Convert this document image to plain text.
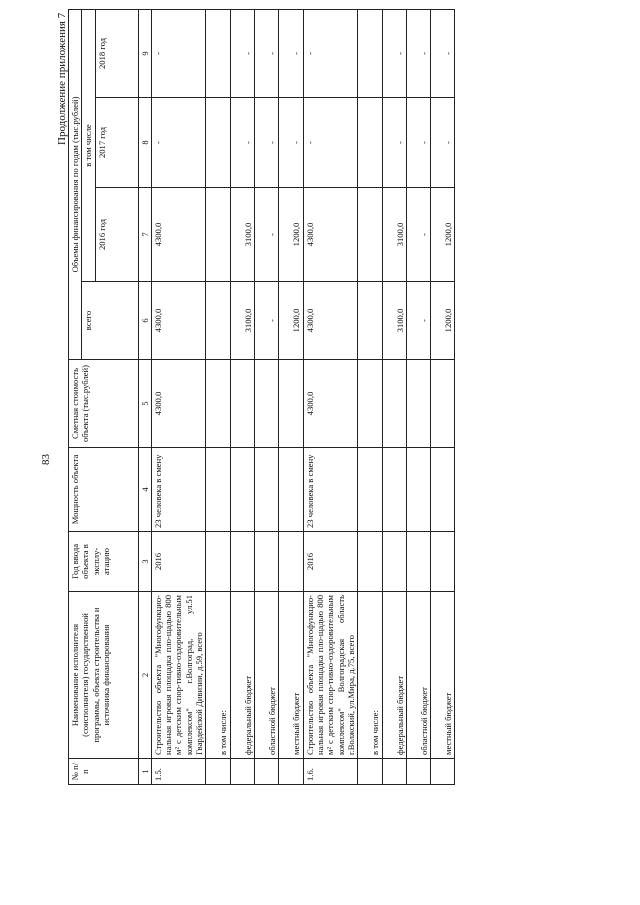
83
Продолжение приложения 7
№ п/п	Наименование исполнителя (соисполнителя) государственной программы, объекта строительства и источника финансирования	Год ввода объекта в эксплу-атацию	Мощность объекта	Сметная стоимость объекта (тыс.рублей)	Объемы финансирования по годам (тыс.рублей)			
					всего	в том числе		
						2016 год	2017 год	2018 год
1	2	3	4	5	6	7	8	9
1.5.	Строительство объекта "Многофункцио-нальная игровая площадка пло-щадью 800 м² с детским спор-тивно-оздоровительным комплексом" г.Волгоград, ул.51 Гвардейской Дивизии, д.59, всего	2016	23 человека в смену	4300,0	4300,0	4300,0	-	-
	в том числе:							
	федеральный бюджет				3100,0	3100,0	-	-
	областной бюджет				-	-	-	-
	местный бюджет				1200,0	1200,0	-	-
1.6.	Строительство объекта "Многофункцио-нальная игровая площадка пло-щадью 800 м² с детским спор-тивно-оздоровительным комплексом" Волгоградская область г.Волжский, ул.Мира, д.75, всего	2016	23 человека в смену	4300,0	4300,0	4300,0	-	-
	в том числе:							
	федеральный бюджет				3100,0	3100,0	-	-
	областной бюджет				-	-	-	-
	местный бюджет				1200,0	1200,0	-	-
